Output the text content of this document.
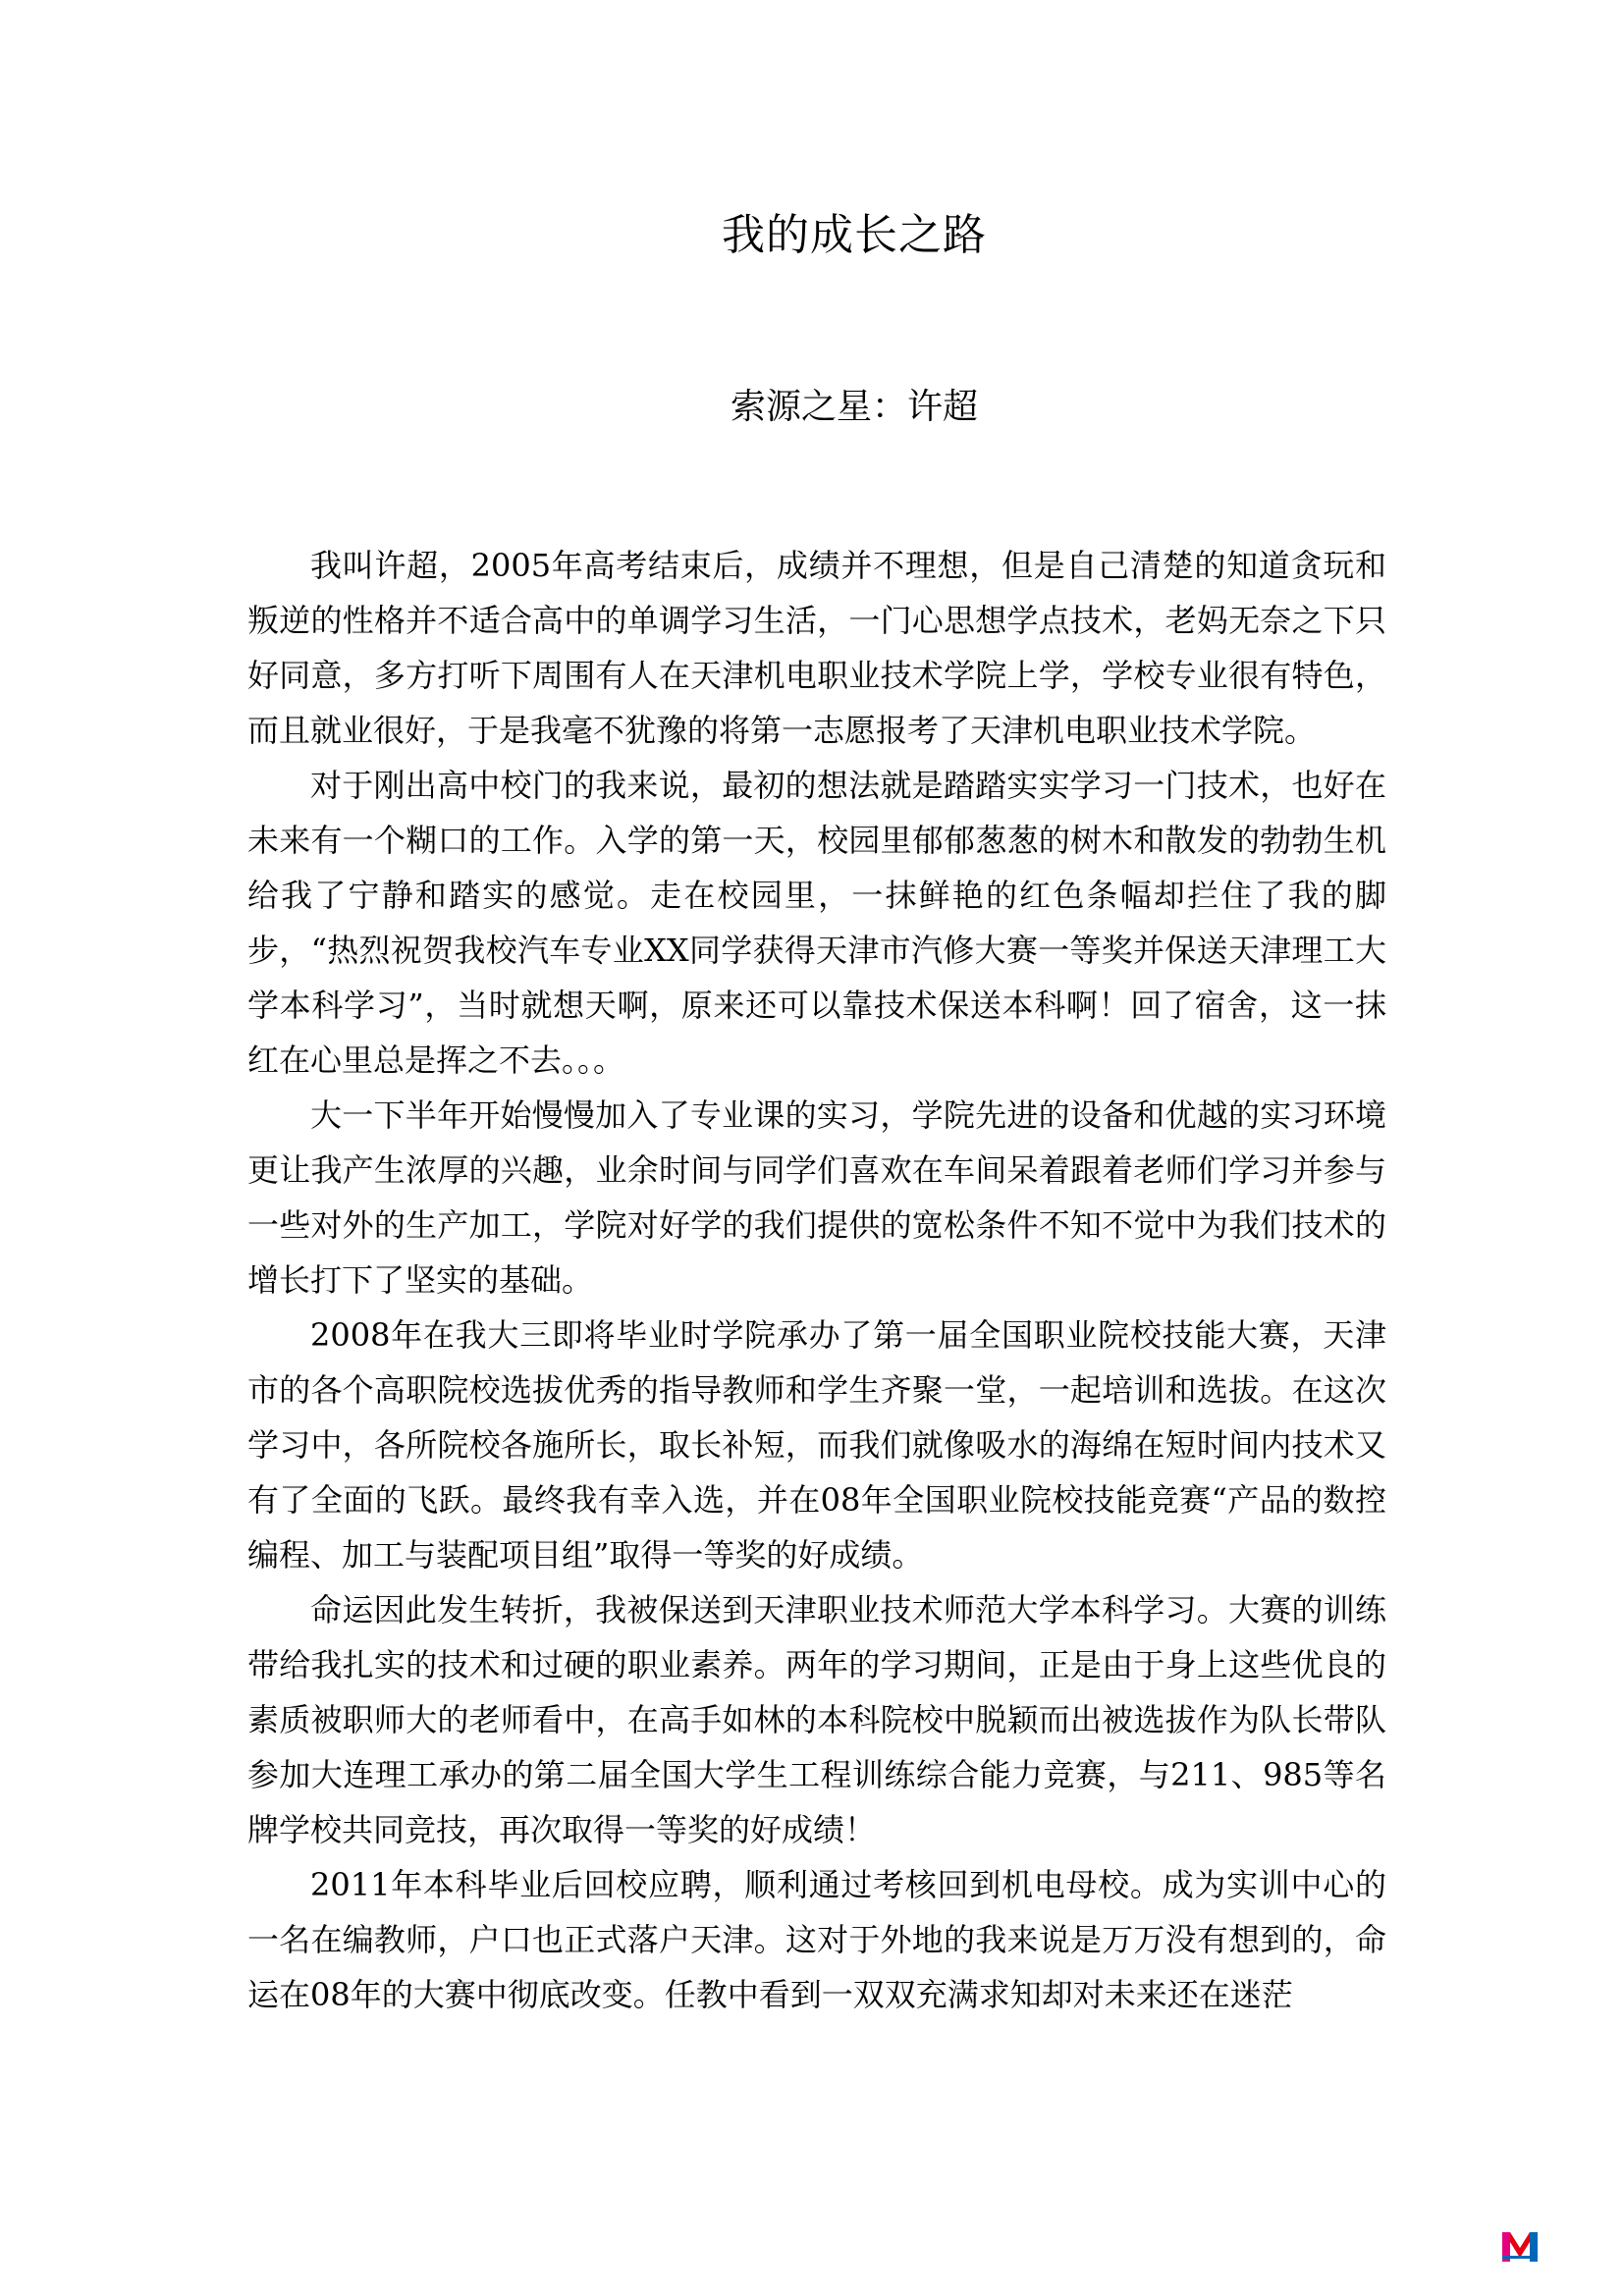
我的成长之路
索源之星：许超

我叫许超，2005年高考结束后，成绩并不理想，但是自己清楚的知道贪玩和叛逆的性格并不适合高中的单调学习生活，一门心思想学点技术，老妈无奈之下只好同意，多方打听下周围有人在天津机电职业技术学院上学，学校专业很有特色，而且就业很好，于是我毫不犹豫的将第一志愿报考了天津机电职业技术学院。

对于刚出高中校门的我来说，最初的想法就是踏踏实实学习一门技术，也好在未来有一个糊口的工作。入学的第一天，校园里郁郁葱葱的树木和散发的勃勃生机给我了宁静和踏实的感觉。走在校园里，一抹鲜艳的红色条幅却拦住了我的脚步，“热烈祝贺我校汽车专业XX同学获得天津市汽修大赛一等奖并保送天津理工大学本科学习”，当时就想天啊，原来还可以靠技术保送本科啊！回了宿舍，这一抹红在心里总是挥之不去。。。

大一下半年开始慢慢加入了专业课的实习，学院先进的设备和优越的实习环境更让我产生浓厚的兴趣，业余时间与同学们喜欢在车间呆着跟着老师们学习并参与一些对外的生产加工，学院对好学的我们提供的宽松条件不知不觉中为我们技术的增长打下了坚实的基础。

2008年在我大三即将毕业时学院承办了第一届全国职业院校技能大赛，天津市的各个高职院校选拔优秀的指导教师和学生齐聚一堂，一起培训和选拔。在这次学习中，各所院校各施所长，取长补短，而我们就像吸水的海绵在短时间内技术又有了全面的飞跃。最终我有幸入选，并在08年全国职业院校技能竞赛“产品的数控编程、加工与装配项目组”取得一等奖的好成绩。

命运因此发生转折，我被保送到天津职业技术师范大学本科学习。大赛的训练带给我扎实的技术和过硬的职业素养。两年的学习期间，正是由于身上这些优良的素质被职师大的老师看中，在高手如林的本科院校中脱颖而出被选拔作为队长带队参加大连理工承办的第二届全国大学生工程训练综合能力竞赛，与211、985等名牌学校共同竞技，再次取得一等奖的好成绩！

2011年本科毕业后回校应聘，顺利通过考核回到机电母校。成为实训中心的一名在编教师，户口也正式落户天津。这对于外地的我来说是万万没有想到的，命运在08年的大赛中彻底改变。任教中看到一双双充满求知却对未来还在迷茫
